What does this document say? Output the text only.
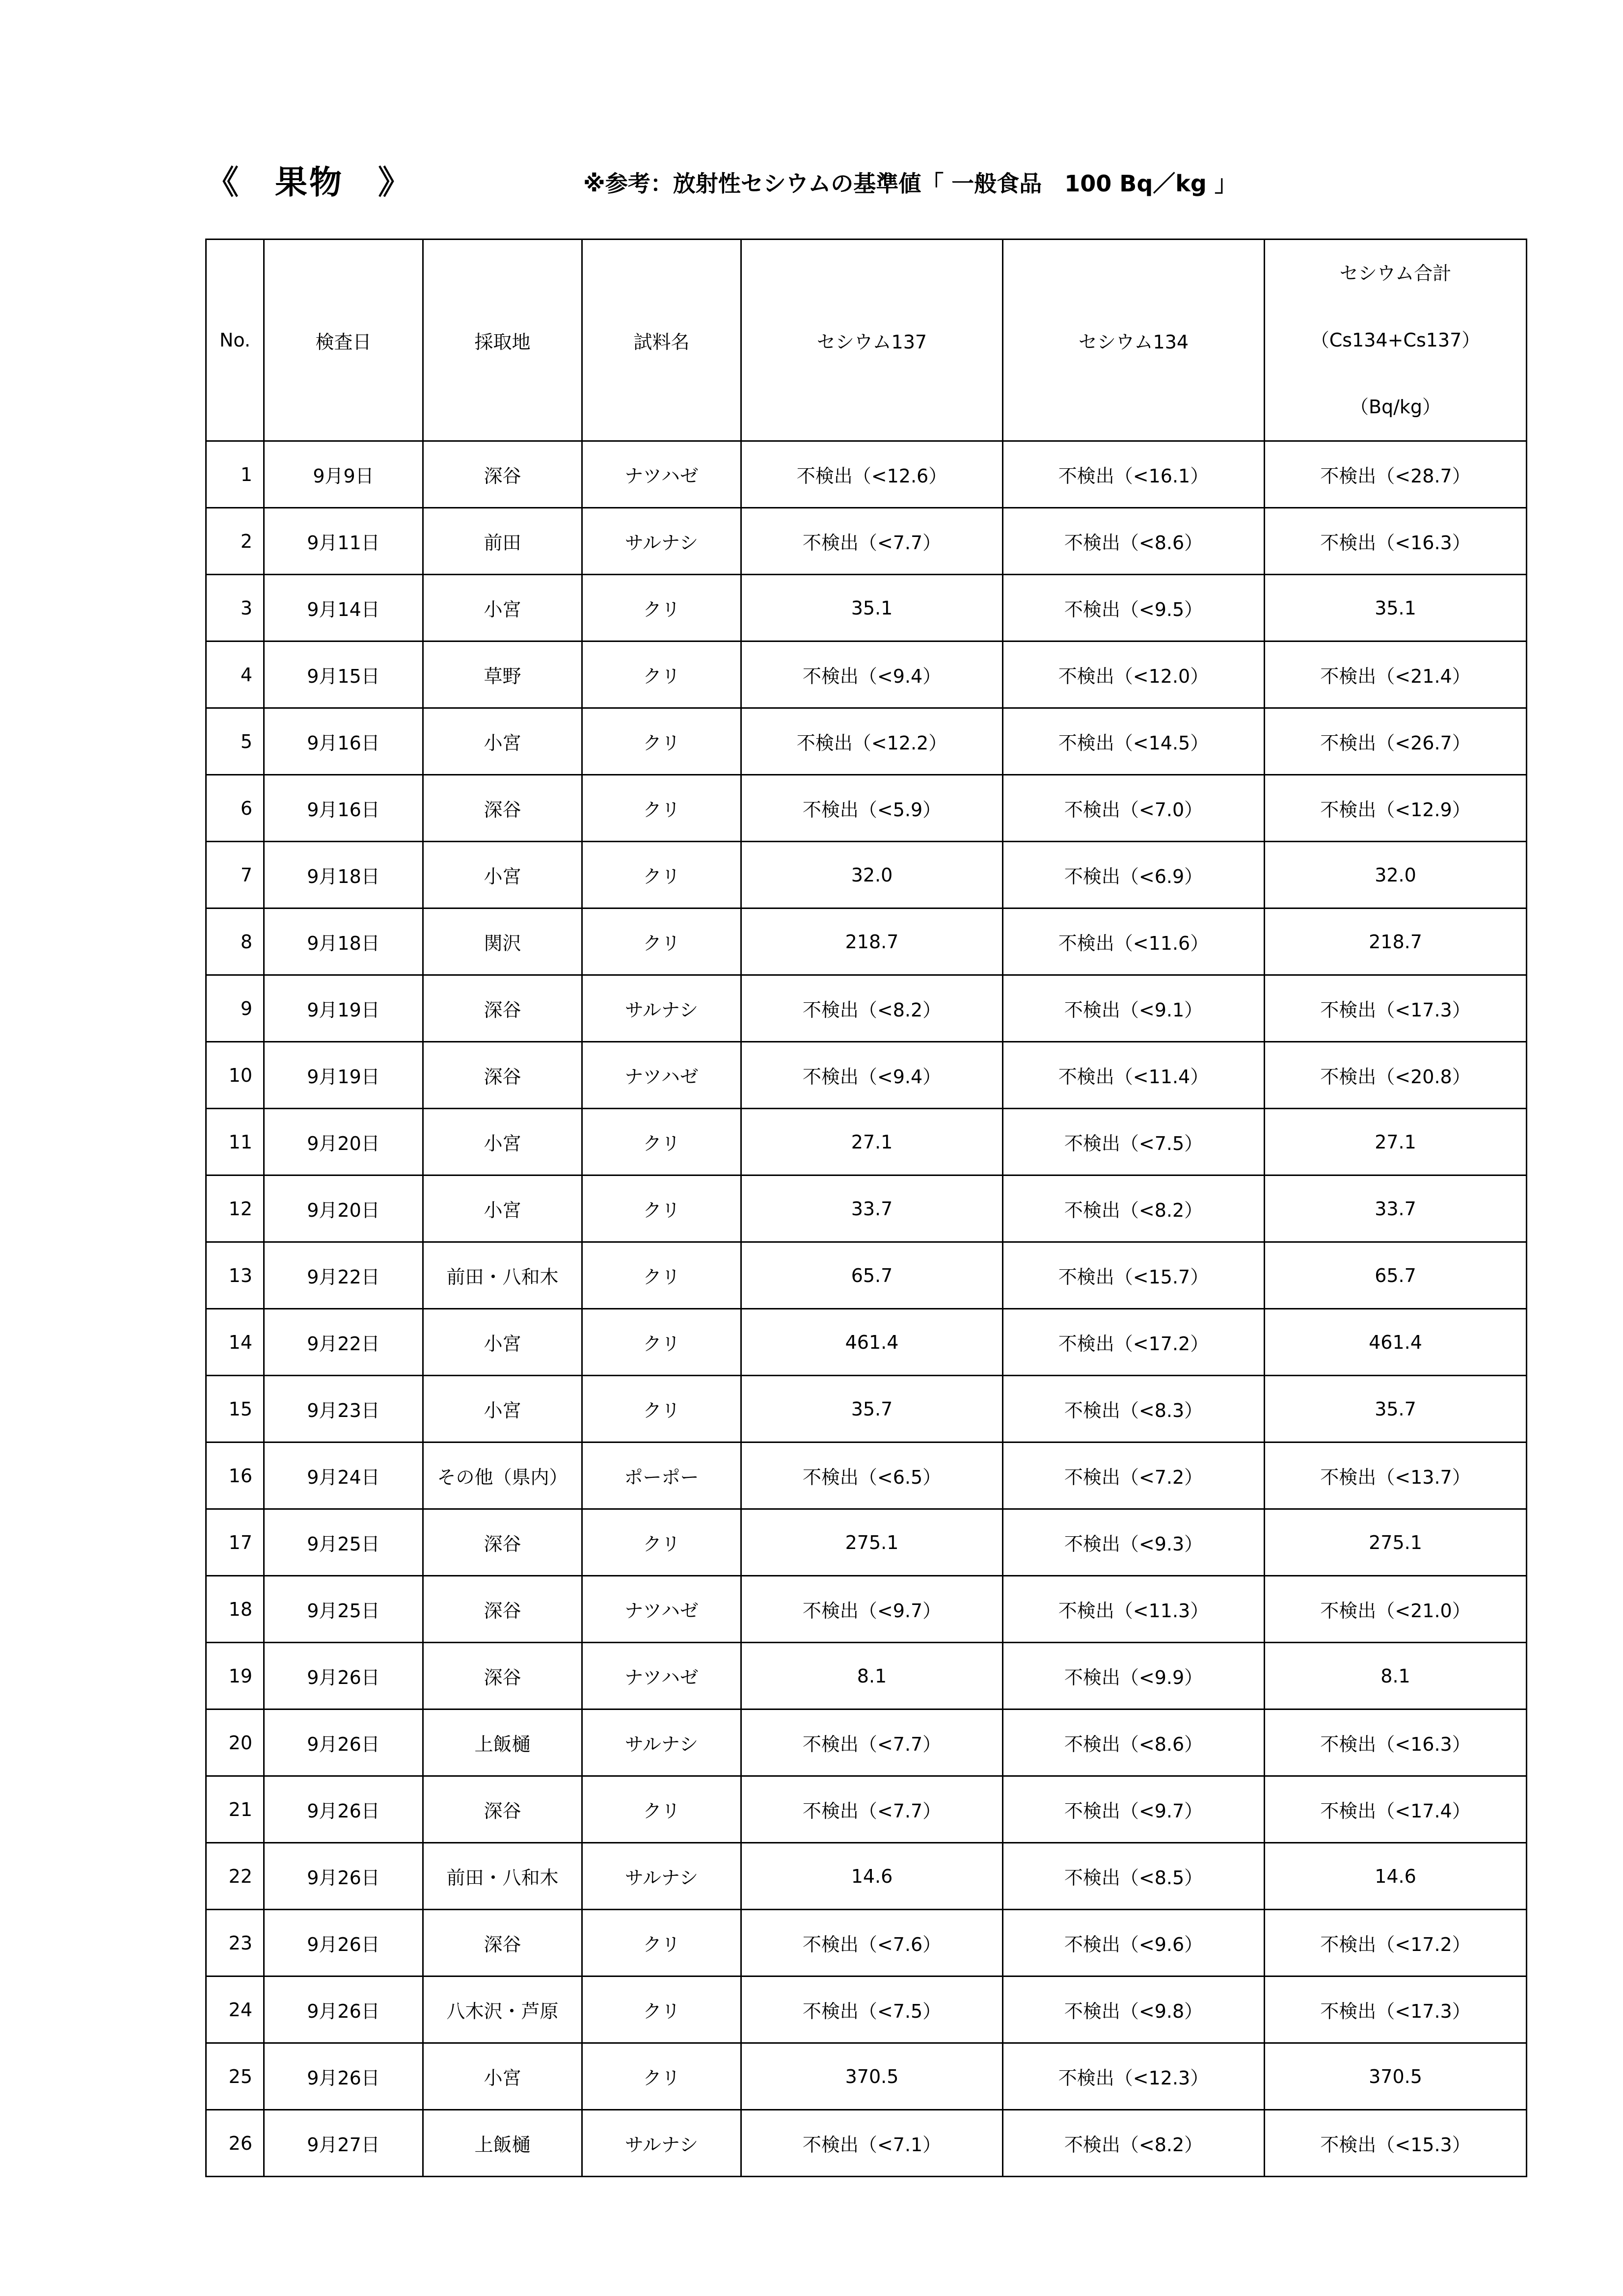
《　果物　》	※参考：放射性セシウムの基準値「 一般食品　100 Bq／kg 」
No.	検査日	採取地	試料名	セシウム137	セシウム134	セシウム合計
（Cs134+Cs137）
（Bq/kg）

1	9月9日	深谷	ナツハゼ	不検出（<12.6）	不検出（<16.1）	不検出（<28.7）
2	9月11日	前田	サルナシ	不検出（<7.7）	不検出（<8.6）	不検出（<16.3）
3	9月14日	小宮	クリ	35.1	不検出（<9.5）	35.1
4	9月15日	草野	クリ	不検出（<9.4）	不検出（<12.0）	不検出（<21.4）
5	9月16日	小宮	クリ	不検出（<12.2）	不検出（<14.5）	不検出（<26.7）
6	9月16日	深谷	クリ	不検出（<5.9）	不検出（<7.0）	不検出（<12.9）
7	9月18日	小宮	クリ	32.0	不検出（<6.9）	32.0
8	9月18日	関沢	クリ	218.7	不検出（<11.6）	218.7
9	9月19日	深谷	サルナシ	不検出（<8.2）	不検出（<9.1）	不検出（<17.3）
10	9月19日	深谷	ナツハゼ	不検出（<9.4）	不検出（<11.4）	不検出（<20.8）
11	9月20日	小宮	クリ	27.1	不検出（<7.5）	27.1
12	9月20日	小宮	クリ	33.7	不検出（<8.2）	33.7
13	9月22日	前田・八和木	クリ	65.7	不検出（<15.7）	65.7
14	9月22日	小宮	クリ	461.4	不検出（<17.2）	461.4
15	9月23日	小宮	クリ	35.7	不検出（<8.3）	35.7
16	9月24日	その他（県内）	ポーポー	不検出（<6.5）	不検出（<7.2）	不検出（<13.7）
17	9月25日	深谷	クリ	275.1	不検出（<9.3）	275.1
18	9月25日	深谷	ナツハゼ	不検出（<9.7）	不検出（<11.3）	不検出（<21.0）
19	9月26日	深谷	ナツハゼ	8.1	不検出（<9.9）	8.1
20	9月26日	上飯樋	サルナシ	不検出（<7.7）	不検出（<8.6）	不検出（<16.3）
21	9月26日	深谷	クリ	不検出（<7.7）	不検出（<9.7）	不検出（<17.4）
22	9月26日	前田・八和木	サルナシ	14.6	不検出（<8.5）	14.6
23	9月26日	深谷	クリ	不検出（<7.6）	不検出（<9.6）	不検出（<17.2）
24	9月26日	八木沢・芦原	クリ	不検出（<7.5）	不検出（<9.8）	不検出（<17.3）
25	9月26日	小宮	クリ	370.5	不検出（<12.3）	370.5
26	9月27日	上飯樋	サルナシ	不検出（<7.1）	不検出（<8.2）	不検出（<15.3）
